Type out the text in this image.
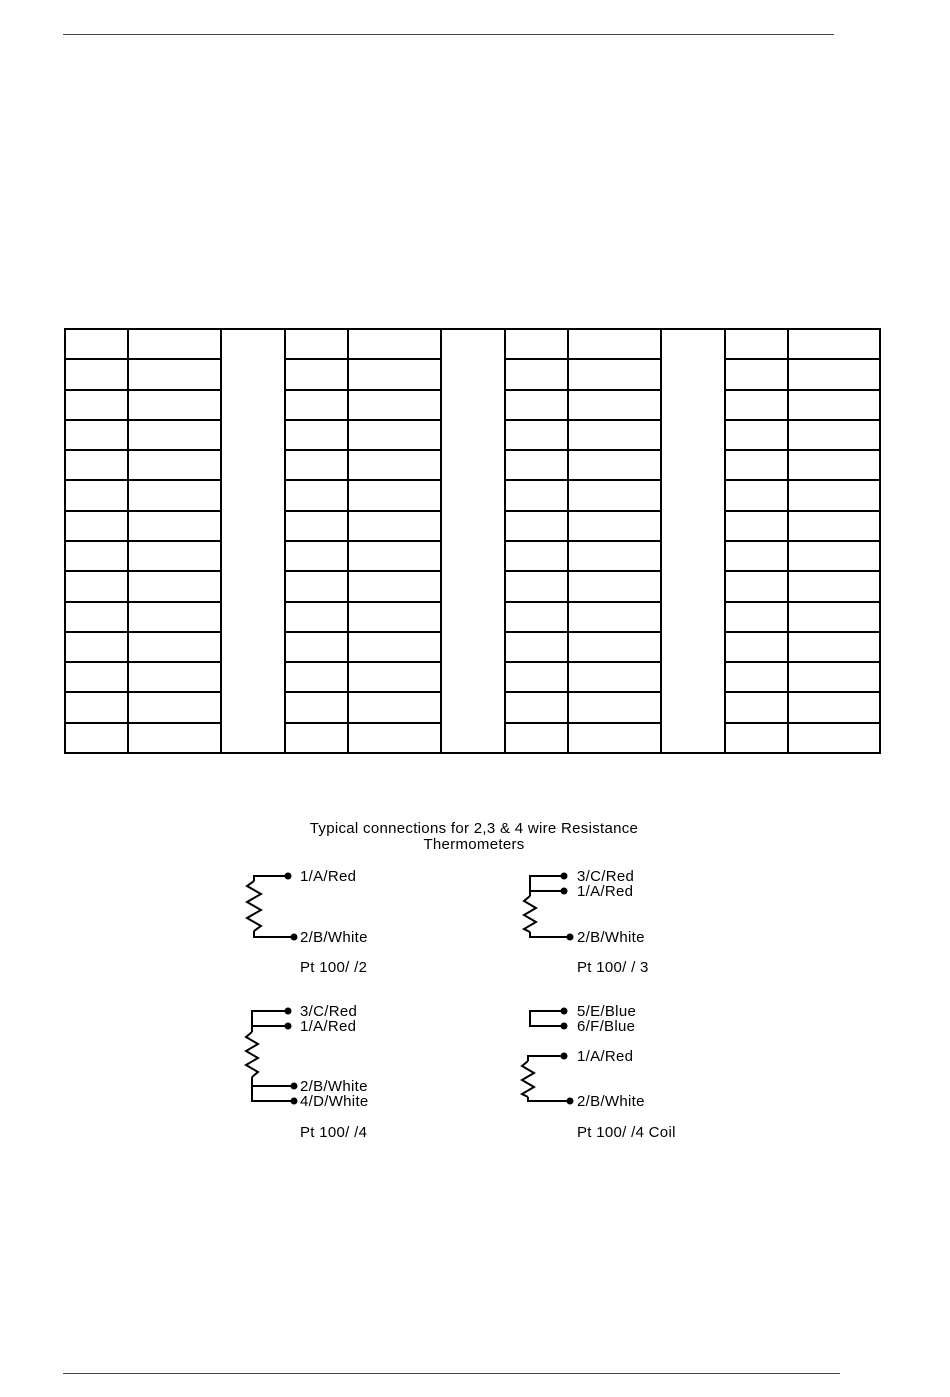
Typical connections for 2,3 & 4 wire Resistance
Thermometers
1/A/Red
2/B/White
Pt 100/ /2
3/C/Red
1/A/Red
2/B/White
Pt 100/ / 3
3/C/Red
1/A/Red
2/B/White
4/D/White
Pt 100/ /4
5/E/Blue
6/F/Blue
1/A/Red
2/B/White
Pt 100/ /4 Coil
